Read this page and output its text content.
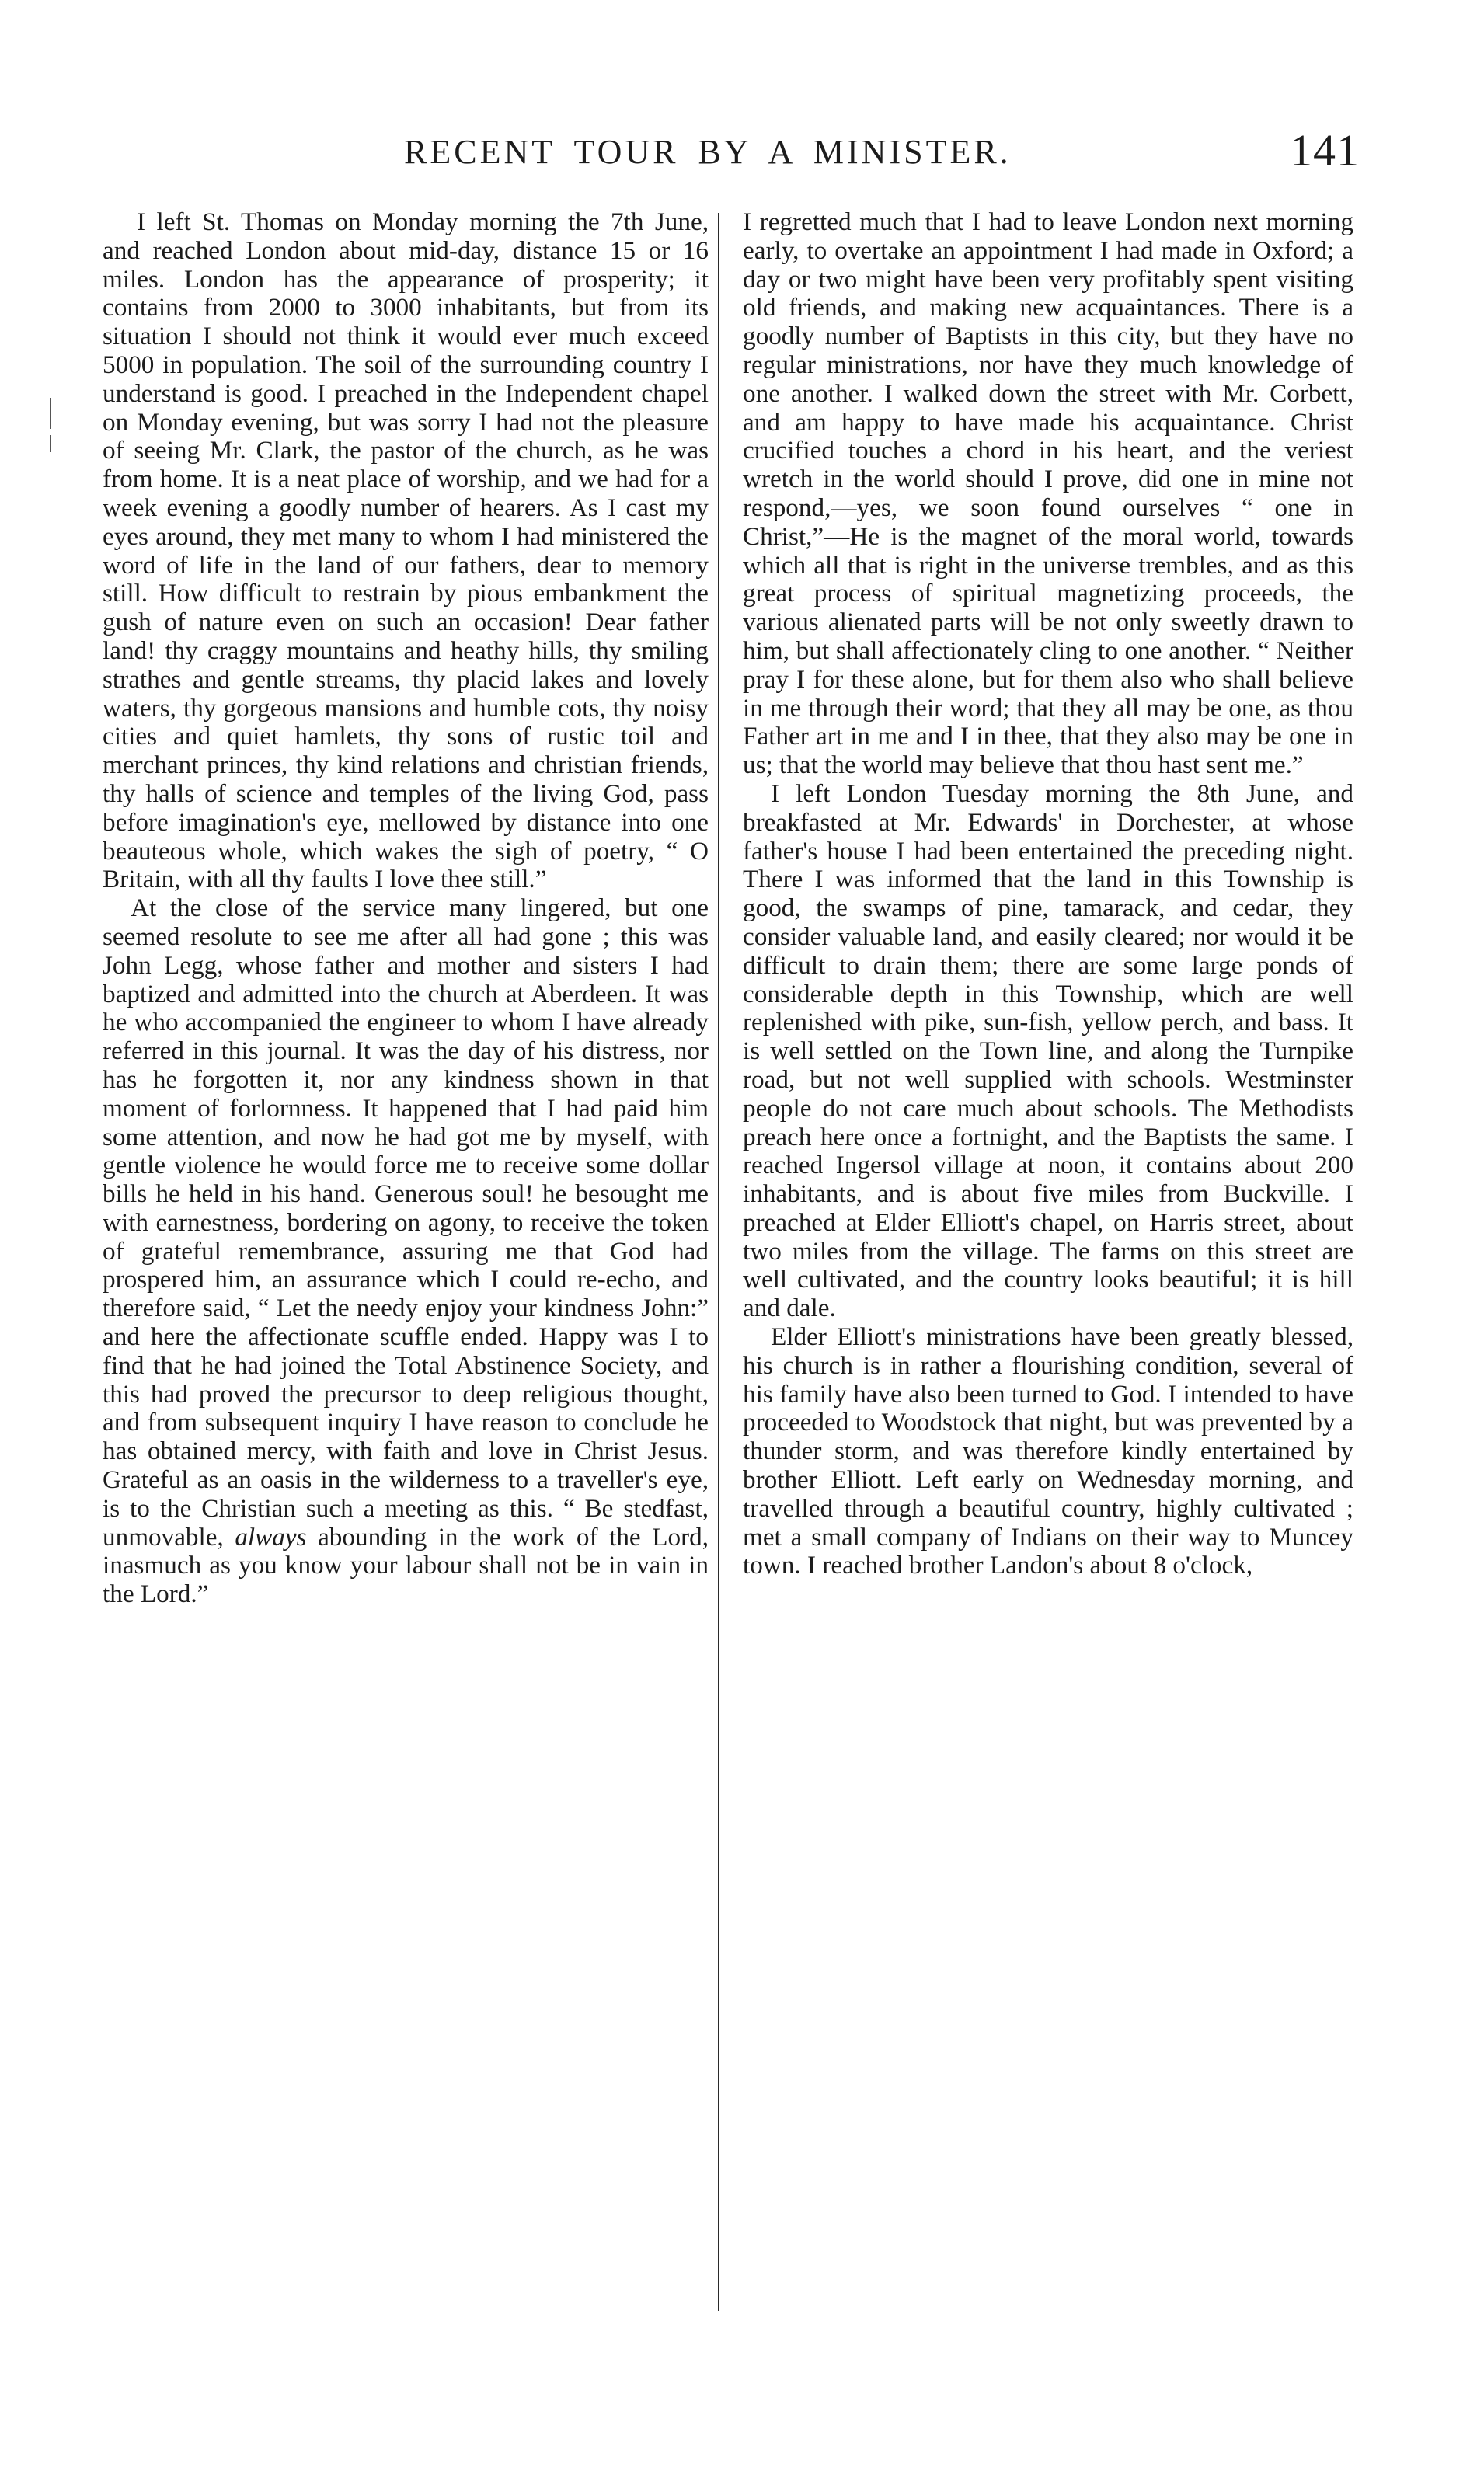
RECENT TOUR BY A MINISTER.	141

I left St. Thomas on Monday morning the 7th June, and reached London about mid-day, distance 15 or 16 miles. London has the appearance of prosperity; it contains from 2000 to 3000 inhabitants, but from its situation I should not think it would ever much exceed 5000 in population. The soil of the surrounding country I understand is good. I preached in the Independent chapel on Monday evening, but was sorry I had not the pleasure of seeing Mr. Clark, the pastor of the church, as he was from home. It is a neat place of worship, and we had for a week evening a goodly number of hearers. As I cast my eyes around, they met many to whom I had ministered the word of life in the land of our fathers, dear to memory still. How difficult to restrain by pious embankment the gush of nature even on such an occasion! Dear father land! thy craggy mountains and heathy hills, thy smiling strathes and gentle streams, thy placid lakes and lovely waters, thy gorgeous mansions and humble cots, thy noisy cities and quiet hamlets, thy sons of rustic toil and merchant princes, thy kind relations and christian friends, thy halls of science and temples of the living God, pass before imagination's eye, mellowed by distance into one beauteous whole, which wakes the sigh of poetry, “ O Britain, with all thy faults I love thee still.”

At the close of the service many lingered, but one seemed resolute to see me after all had gone ; this was John Legg, whose father and mother and sisters I had baptized and admitted into the church at Aberdeen. It was he who accompanied the engineer to whom I have already referred in this journal. It was the day of his distress, nor has he forgotten it, nor any kindness shown in that moment of forlornness. It happened that I had paid him some attention, and now he had got me by myself, with gentle violence he would force me to receive some dollar bills he held in his hand. Generous soul! he besought me with earnestness, bordering on agony, to receive the token of grateful remembrance, assuring me that God had prospered him, an assurance which I could re-echo, and therefore said, “ Let the needy enjoy your kindness John:” and here the affectionate scuffle ended. Happy was I to find that he had joined the Total Abstinence Society, and this had proved the precursor to deep religious thought, and from subsequent inquiry I have reason to conclude he has obtained mercy, with faith and love in Christ Jesus. Grateful as an oasis in the wilderness to a traveller's eye, is to the Christian such a meeting as this. “ Be stedfast, unmovable, always abounding in the work of the Lord, inasmuch as you know your labour shall not be in vain in the Lord.”

I regretted much that I had to leave London next morning early, to overtake an appointment I had made in Oxford; a day or two might have been very profitably spent visiting old friends, and making new acquaintances. There is a goodly number of Baptists in this city, but they have no regular ministrations, nor have they much knowledge of one another. I walked down the street with Mr. Corbett, and am happy to have made his acquaintance. Christ crucified touches a chord in his heart, and the veriest wretch in the world should I prove, did one in mine not respond,—yes, we soon found ourselves “ one in Christ,”—He is the magnet of the moral world, towards which all that is right in the universe trembles, and as this great process of spiritual magnetizing proceeds, the various alienated parts will be not only sweetly drawn to him, but shall affectionately cling to one another. “ Neither pray I for these alone, but for them also who shall believe in me through their word; that they all may be one, as thou Father art in me and I in thee, that they also may be one in us; that the world may believe that thou hast sent me.”

I left London Tuesday morning the 8th June, and breakfasted at Mr. Edwards' in Dorchester, at whose father's house I had been entertained the preceding night. There I was informed that the land in this Township is good, the swamps of pine, tamarack, and cedar, they consider valuable land, and easily cleared; nor would it be difficult to drain them; there are some large ponds of considerable depth in this Township, which are well replenished with pike, sun-fish, yellow perch, and bass. It is well settled on the Town line, and along the Turnpike road, but not well supplied with schools. Westminster people do not care much about schools. The Methodists preach here once a fortnight, and the Baptists the same. I reached Ingersol village at noon, it contains about 200 inhabitants, and is about five miles from Buckville. I preached at Elder Elliott's chapel, on Harris street, about two miles from the village. The farms on this street are well cultivated, and the country looks beautiful; it is hill and dale.

Elder Elliott's ministrations have been greatly blessed, his church is in rather a flourishing condition, several of his family have also been turned to God. I intended to have proceeded to Woodstock that night, but was prevented by a thunder storm, and was therefore kindly entertained by brother Elliott. Left early on Wednesday morning, and travelled through a beautiful country, highly cultivated ; met a small company of Indians on their way to Muncey town. I reached brother Landon's about 8 o'clock,
